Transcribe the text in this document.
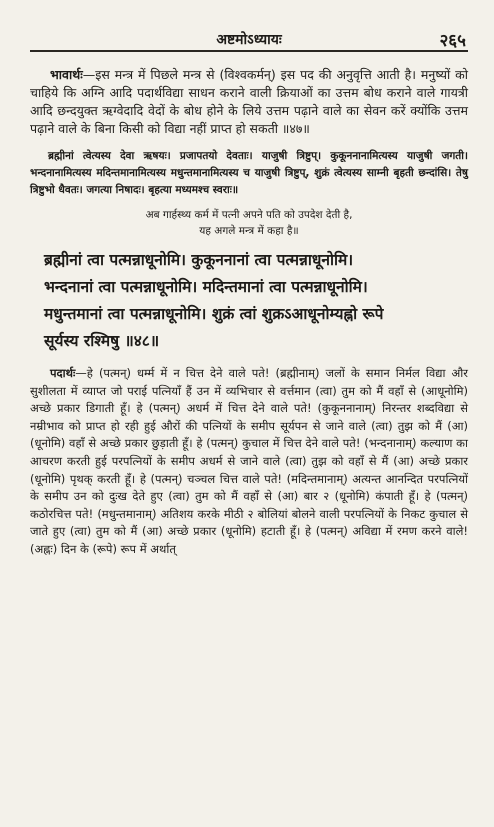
अष्टमोऽध्यायः	२६५

भावार्थः—इस मन्त्र में पिछले मन्त्र से (विश्वकर्मन्) इस पद की अनुवृत्ति आती है। मनुष्यों को चाहिये कि अग्नि आदि पदार्थविद्या साधन कराने वाली क्रियाओं का उत्तम बोध कराने वाले गायत्री आदि छन्दयुक्त ऋग्वेदादि वेदों के बोध होने के लिये उत्तम पढ़ाने वाले का सेवन करें क्योंकि उत्तम पढ़ाने वाले के बिना किसी को विद्या नहीं प्राप्त हो सकती ॥४७॥

ब्रह्मीनां त्वेत्यस्य देवा ऋषयः। प्रजापतयो देवताः। याजुषी त्रिष्टुप्। कुकूननानामित्यस्य याजुषी जगती। भन्दनानामित्यस्य मदिन्तमानामित्यस्य मधुन्तमानामित्यस्य च याजुषी त्रिष्टुप्, शुक्रं त्वेत्यस्य साम्नी बृहती छन्दांसि। तेषु त्रिष्टुभो धैवतः। जगत्या निषादः। बृहत्या मध्यमश्च स्वराः॥

अब गार्हस्थ्य कर्म में पत्नी अपने पति को उपदेश देती है,
यह अगले मन्त्र में कहा है॥
ब्रह्मीनां त्वा पत्मन्नाधूनोमि। कुकूननानां त्वा पत्मन्नाधूनोमि।
भन्दनानां त्वा पत्मन्नाधूनोमि। मदिन्तमानां त्वा पत्मन्नाधूनोमि।
मधुन्तमानां त्वा पत्मन्नाधूनोमि। शुक्रं त्वां शुक्रऽआधूनोम्यह्नो रूपे
सूर्यस्य रश्मिषु ॥४८॥

पदार्थः—हे (पत्मन्) धर्म्म में न चित्त देने वाले पते! (ब्रह्मीनाम्) जलों के समान निर्मल विद्या और सुशीलता में व्याप्त जो पराई पत्नियाँ हैं उन में व्यभिचार से वर्त्तमान (त्वा) तुम को मैं वहाँ से (आधूनोमि) अच्छे प्रकार डिगाती हूँ। हे (पत्मन्) अधर्म में चित्त देने वाले पते! (कुकूननानाम्) निरन्तर शब्दविद्या से नम्रीभाव को प्राप्त हो रही हुई औरों की पत्नियों के समीप सूर्यपन से जाने वाले (त्वा) तुझ को मैं (आ) (धूनोमि) वहाँ से अच्छे प्रकार छुड़ाती हूँ। हे (पत्मन्) कुचाल में चित्त देने वाले पते! (भन्दनानाम्) कल्याण का आचरण करती हुई परपत्नियों के समीप अधर्म से जाने वाले (त्वा) तुझ को वहाँ से मैं (आ) अच्छे प्रकार (धूनोमि) पृथक् करती हूँ। हे (पत्मन्) चञ्चल चित्त वाले पते! (मदिन्तमानाम्) अत्यन्त आनन्दित परपत्नियों के समीप उन को दुःख देते हुए (त्वा) तुम को मैं वहाँ से (आ) बार २ (धूनोमि) कंपाती हूँ। हे (पत्मन्) कठोरचित्त पते! (मधुन्तमानाम्) अतिशय करके मीठी २ बोलियां बोलने वाली परपत्नियों के निकट कुचाल से जाते हुए (त्वा) तुम को मैं (आ) अच्छे प्रकार (धूनोमि) हटाती हूँ। हे (पत्मन्) अविद्या में रमण करने वाले! (अह्नः) दिन के (रूपे) रूप में अर्थात्
